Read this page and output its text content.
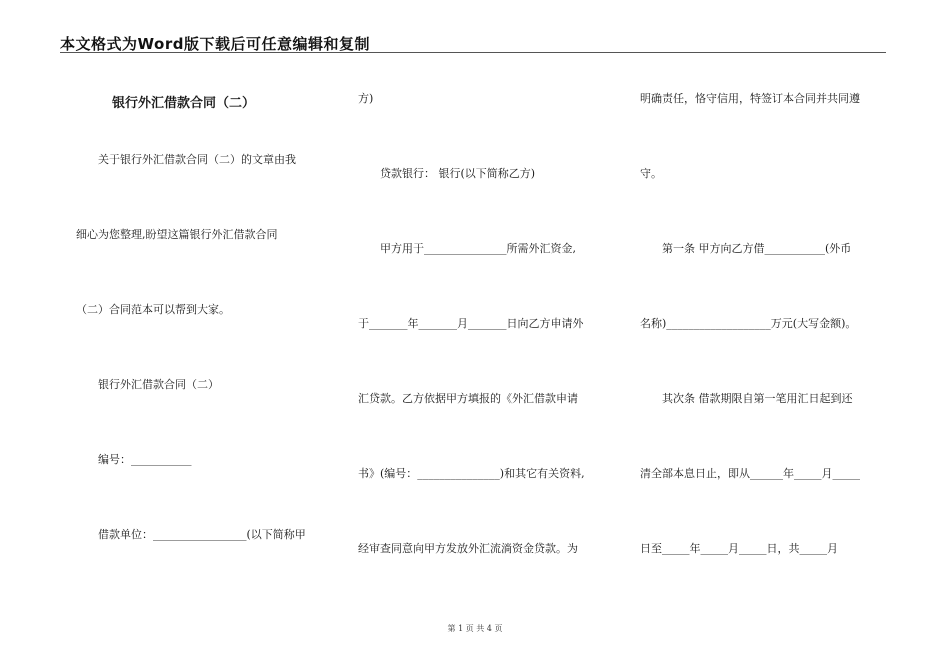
本文格式为Word版下载后可任意编辑和复制
银行外汇借款合同（二）
关于银行外汇借款合同（二）的文章由我
细心为您整理,盼望这篇银行外汇借款合同
（二）合同范本可以帮到大家。
银行外汇借款合同（二）
编号：___________
借款单位：_________________(以下简称甲
方)
贷款银行： 银行(以下简称乙方)
甲方用于_______________所需外汇资金,
于_______年_______月_______日向乙方申请外
汇贷款。乙方依据甲方填报的《外汇借款申请
书》(编号：_______________)和其它有关资料,
经审查同意向甲方发放外汇流淌资金贷款。为
明确责任，恪守信用，特签订本合同并共同遵
守。
第一条 甲方向乙方借___________(外币
名称)___________________万元(大写金额)。
其次条 借款期限自第一笔用汇日起到还
清全部本息日止，即从______年_____月_____
日至_____年_____月_____日，共_____月
第 1 页 共 4 页
